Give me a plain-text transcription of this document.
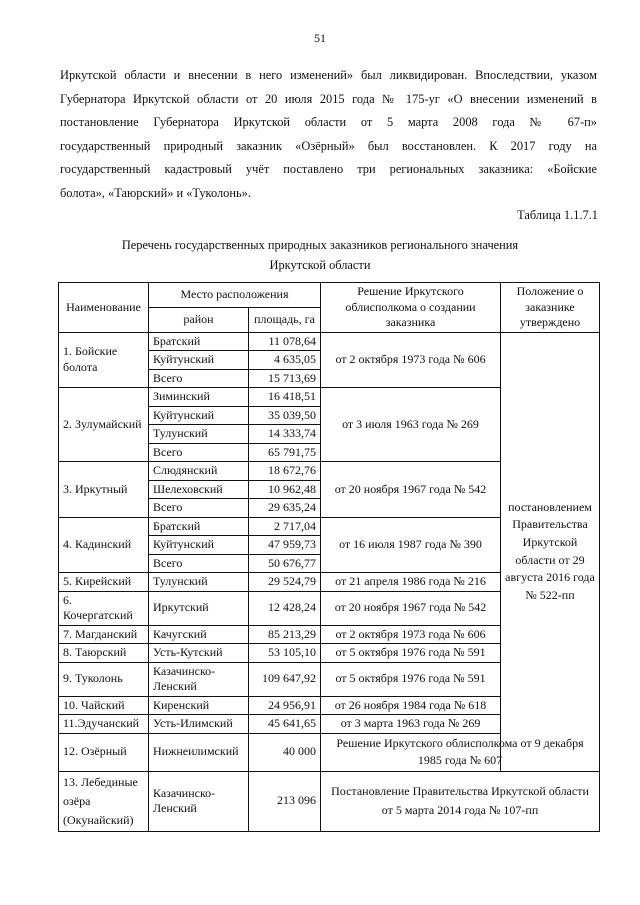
51

Иркутской области и внесении в него изменений» был ликвидирован. Впоследствии, указом
Губернатора Иркутской области от 20 июля 2015 года № 175-уг «О внесении изменений в
постановление Губернатора Иркутской области от 5 марта 2008 года № 67-п»
государственный природный заказник «Озёрный» был восстановлен. К 2017 году на
государственный кадастровый учёт поставлено три региональных заказника: «Бойские
болота», «Таюрский» и «Туколонь».

Таблица 1.1.7.1
Перечень государственных природных заказников регионального значения
Иркутской области
Наименование	Место расположения		Решение Иркутского облисполкома о создании заказника	Положение о заказнике утверждено
	район	площадь, га		
1. Бойские болота	Братский	11 078,64	от 2 октября 1973 года № 606	постановлением Правительства Иркутской области от 29 августа 2016 года № 522-пп
	Куйтунский	4 635,05		
	Всего	15 713,69		
2. Зулумайский	Зиминский	16 418,51	от 3 июля 1963 года № 269	
	Куйтунский	35 039,50		
	Тулунский	14 333,74		
	Всего	65 791,75		
3. Иркутный	Слюдянский	18 672,76	от 20 ноября 1967 года № 542	
	Шелеховский	10 962,48		
	Всего	29 635,24		
4. Кадинский	Братский	2 717,04	от 16 июля 1987 года № 390	
	Куйтунский	47 959,73		
	Всего	50 676,77		
5. Кирейский	Тулунский	29 524,79	от 21 апреля 1986 года № 216	
6. Кочергатский	Иркутский	12 428,24	от 20 ноября 1967 года № 542	
7. Магданский	Качугский	85 213,29	от 2 октября 1973 года № 606	
8. Таюрский	Усть-Кутский	53 105,10	от 5 октября 1976 года № 591	
9. Туколонь	Казачинско-Ленский	109 647,92	от 5 октября 1976 года № 591	
10. Чайский	Киренский	24 956,91	от 26 ноября 1984 года № 618	
11.Эдучанский	Усть-Илимский	45 641,65	от 3 марта 1963 года № 269	
12. Озёрный	Нижнеилимский	40 000	Решение Иркутского облисполкома от 9 декабря 1985 года № 607	
13. Лебединые озёра (Окунайский)	Казачинско-Ленский	213 096	Постановление Правительства Иркутской области от 5 марта 2014 года № 107-пп	
